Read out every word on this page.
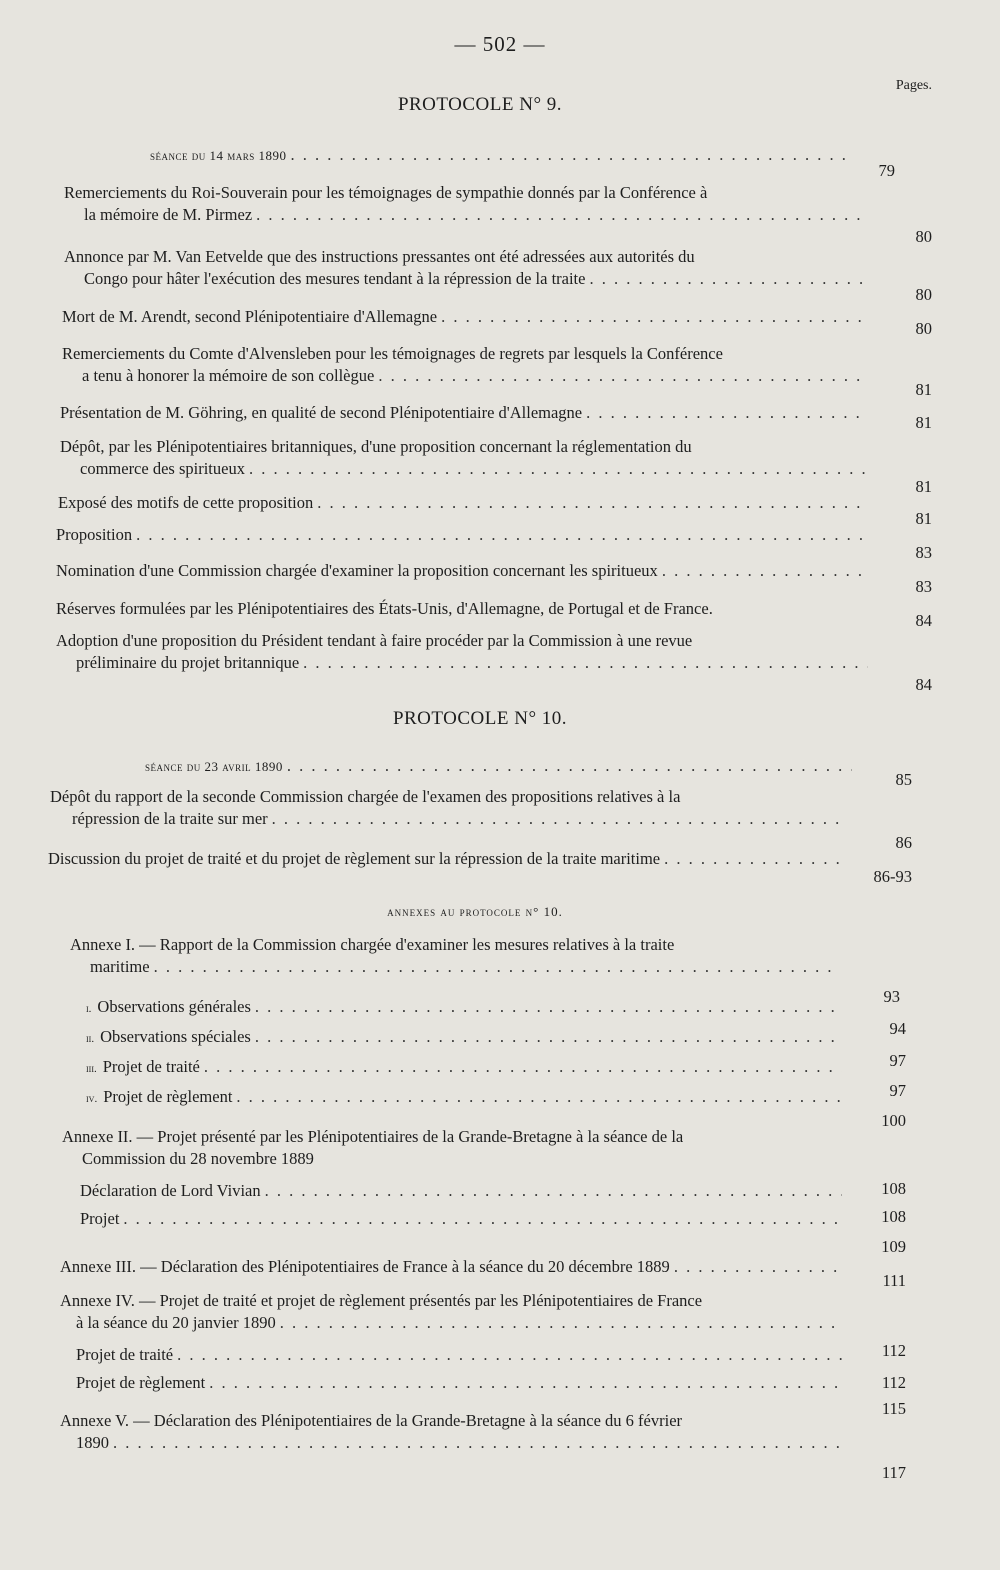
— 502 —
Pages.
PROTOCOLE N° 9.
séance du 14 mars 1890
. . .
79
Remerciements du Roi-Souverain pour les témoignages de sympathie donnés par la Conférence à
la mémoire de M. Pirmez
. . .
80
Annonce par M. Van Eetvelde que des instructions pressantes ont été adressées aux autorités du
Congo pour hâter l'exécution des mesures tendant à la répression de la traite
. . .
80
Mort de M. Arendt, second Plénipotentiaire d'Allemagne
. . .
80
Remerciements du Comte d'Alvensleben pour les témoignages de regrets par lesquels la Conférence
a tenu à honorer la mémoire de son collègue
. . .
81
Présentation de M. Göhring, en qualité de second Plénipotentiaire d'Allemagne
. . .
81
Dépôt, par les Plénipotentiaires britanniques, d'une proposition concernant la réglementation du
commerce des spiritueux
. . .
81
Exposé des motifs de cette proposition
. . .
81
Proposition
. . .
83
Nomination d'une Commission chargée d'examiner la proposition concernant les spiritueux
. . .
83
Réserves formulées par les Plénipotentiaires des États-Unis, d'Allemagne, de Portugal et de France.
84
Adoption d'une proposition du Président tendant à faire procéder par la Commission à une revue
préliminaire du projet britannique
. . .
84
PROTOCOLE N° 10.
séance du 23 avril 1890
. . .
85
Dépôt du rapport de la seconde Commission chargée de l'examen des propositions relatives à la
répression de la traite sur mer
. . .
86
Discussion du projet de traité et du projet de règlement sur la répression de la traite maritime
. . .
86-93
annexes au protocole n° 10.
Annexe I. — Rapport de la Commission chargée d'examiner les mesures relatives à la traite
maritime
. . .
93
i. Observations générales
. . .
94
ii. Observations spéciales
. . .
97
iii. Projet de traité
. . .
97
iv. Projet de règlement
. . .
100
Annexe II. — Projet présenté par les Plénipotentiaires de la Grande-Bretagne à la séance de la
Commission du 28 novembre 1889
108
Déclaration de Lord Vivian
. . .
108
Projet
. . .
109
Annexe III. — Déclaration des Plénipotentiaires de France à la séance du 20 décembre 1889
. . .
111
Annexe IV. — Projet de traité et projet de règlement présentés par les Plénipotentiaires de France
à la séance du 20 janvier 1890
. . .
112
Projet de traité
. . .
112
Projet de règlement
. . .
115
Annexe V. — Déclaration des Plénipotentiaires de la Grande-Bretagne à la séance du 6 février
1890
. . .
117
